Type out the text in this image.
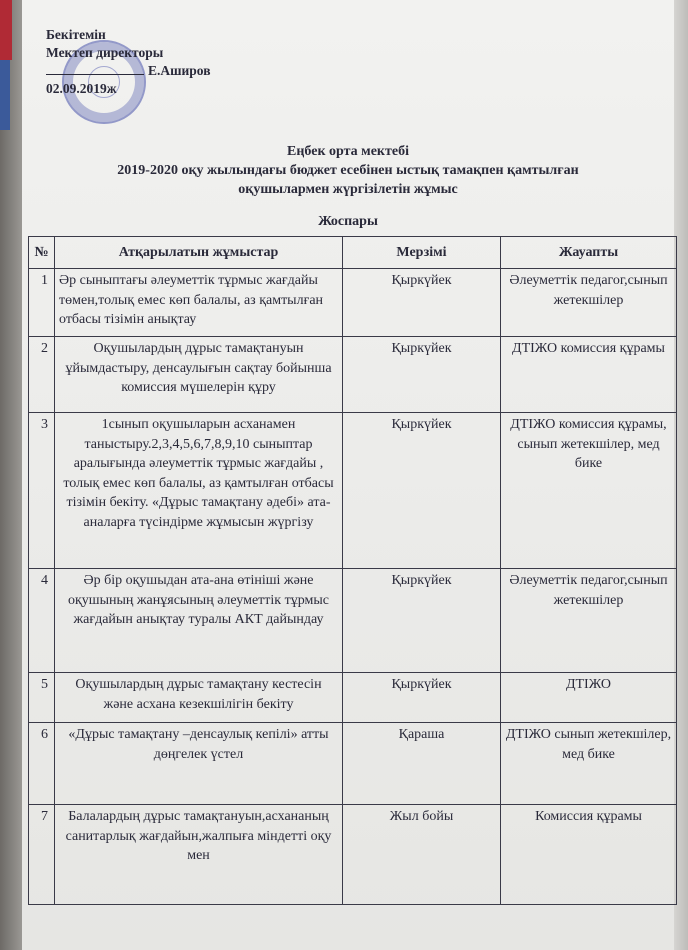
Бекітемін
Мектеп директоры
Е.Аширов
02.09.2019ж
Еңбек орта мектебі
2019-2020 оқу жылындағы бюджет есебінен ыстық тамақпен қамтылған
оқушылармен жүргізілетін жұмыс
Жоспары
№	Атқарылатын жұмыстар	Мерзімі	Жауапты
1	Әр сыныптағы әлеуметтік тұрмыс жағдайы төмен,толық емес көп балалы, аз қамтылған отбасы тізімін анықтау	Қыркүйек	Әлеуметтік педагог,сынып жетекшілер
2	Оқушылардың дұрыс тамақтануын ұйымдастыру, денсаулығын сақтау бойынша комиссия мүшелерін құру	Қыркүйек	ДТІЖО комиссия құрамы
3	1сынып оқушыларын асханамен таныстыру.2,3,4,5,6,7,8,9,10 сыныптар аралығында әлеуметтік тұрмыс жағдайы , толық емес көп балалы, аз қамтылған отбасы тізімін бекіту. «Дұрыс тамақтану әдебі» ата-аналарға түсіндірме жұмысын жүргізу	Қыркүйек	ДТІЖО комиссия құрамы, сынып жетекшілер, мед бике
4	Әр бір оқушыдан ата-ана өтініші және оқушының жанұясының әлеуметтік тұрмыс жағдайын анықтау туралы АКТ дайындау	Қыркүйек	Әлеуметтік педагог,сынып жетекшілер
5	Оқушылардың дұрыс тамақтану кестесін және асхана кезекшілігін бекіту	Қыркүйек	ДТІЖО
6	«Дұрыс тамақтану –денсаулық кепілі» атты дөңгелек үстел	Қараша	ДТІЖО сынып жетекшілер, мед бике
7	Балалардың дұрыс тамақтануын,асхананың санитарлық жағдайын,жалпыға міндетті оқу мен	Жыл бойы	Комиссия құрамы
